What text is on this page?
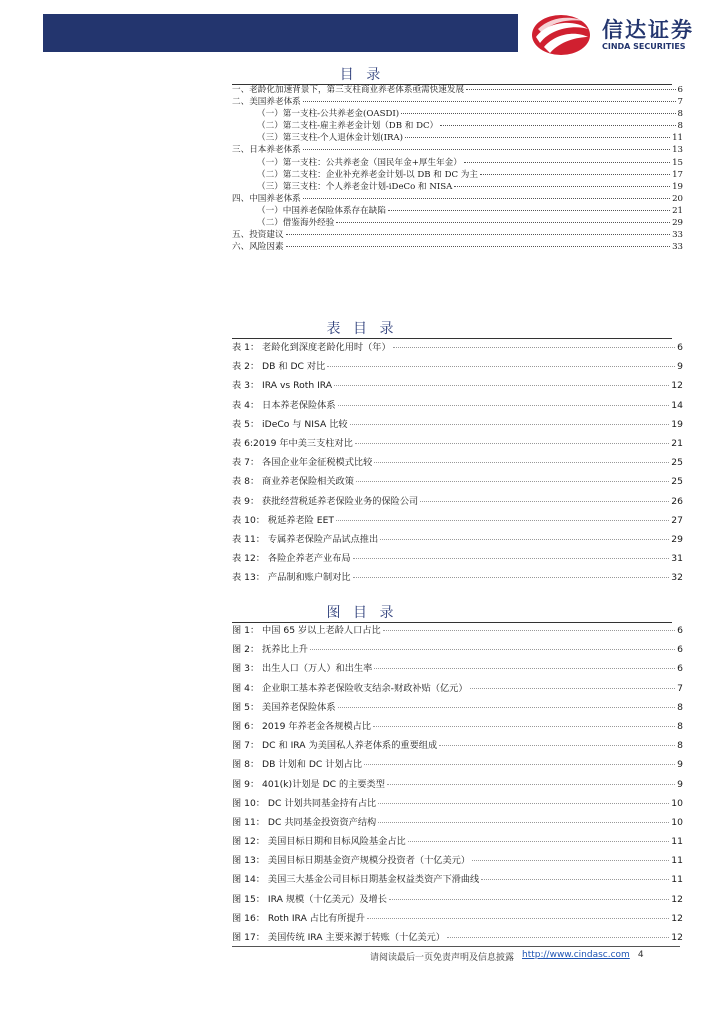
信达证券
CINDA SECURITIES
目 录
一、老龄化加速背景下，第三支柱商业养老体系亟需快速发展	6
二、美国养老体系	7
（一）第一支柱-公共养老金(OASDI)	8
（二）第二支柱-雇主养老金计划（DB 和 DC）	8
（三）第三支柱-个人退休金计划(IRA)	11
三、日本养老体系	13
（一）第一支柱：公共养老金（国民年金+厚生年金）	15
（二）第二支柱：企业补充养老金计划-以 DB 和 DC 为主	17
（三）第三支柱：个人养老金计划-iDeCo 和 NISA	19
四、中国养老体系	20
（一）中国养老保险体系存在缺陷	21
（二）借鉴海外经验	29
五、投资建议	33
六、风险因素	33
表 目 录
表 1： 老龄化到深度老龄化用时（年）	6
表 2： DB 和 DC 对比	9
表 3： IRA vs Roth IRA	12
表 4： 日本养老保险体系	14
表 5： iDeCo 与 NISA 比较	19
表 6:2019 年中美三支柱对比	21
表 7： 各国企业年金征税模式比较	25
表 8： 商业养老保险相关政策	25
表 9： 获批经营税延养老保险业务的保险公司	26
表 10： 税延养老险 EET	27
表 11： 专属养老保险产品试点推出	29
表 12： 各险企养老产业布局	31
表 13： 产品制和账户制对比	32
图 目 录
图 1： 中国 65 岁以上老龄人口占比	6
图 2： 抚养比上升	6
图 3： 出生人口（万人）和出生率	6
图 4： 企业职工基本养老保险收支结余-财政补贴（亿元）	7
图 5： 美国养老保险体系	8
图 6： 2019 年养老金各规模占比	8
图 7： DC 和 IRA 为美国私人养老体系的重要组成	8
图 8： DB 计划和 DC 计划占比	9
图 9： 401(k)计划是 DC 的主要类型	9
图 10： DC 计划共同基金持有占比	10
图 11： DC 共同基金投资资产结构	10
图 12： 美国目标日期和目标风险基金占比	11
图 13： 美国目标日期基金资产规模分投资者（十亿美元）	11
图 14： 美国三大基金公司目标日期基金权益类资产下滑曲线	11
图 15： IRA 规模（十亿美元）及增长	12
图 16： Roth IRA 占比有所提升	12
图 17： 美国传统 IRA 主要来源于转账（十亿美元）	12
请阅读最后一页免责声明及信息披露 http://www.cindasc.com 4
